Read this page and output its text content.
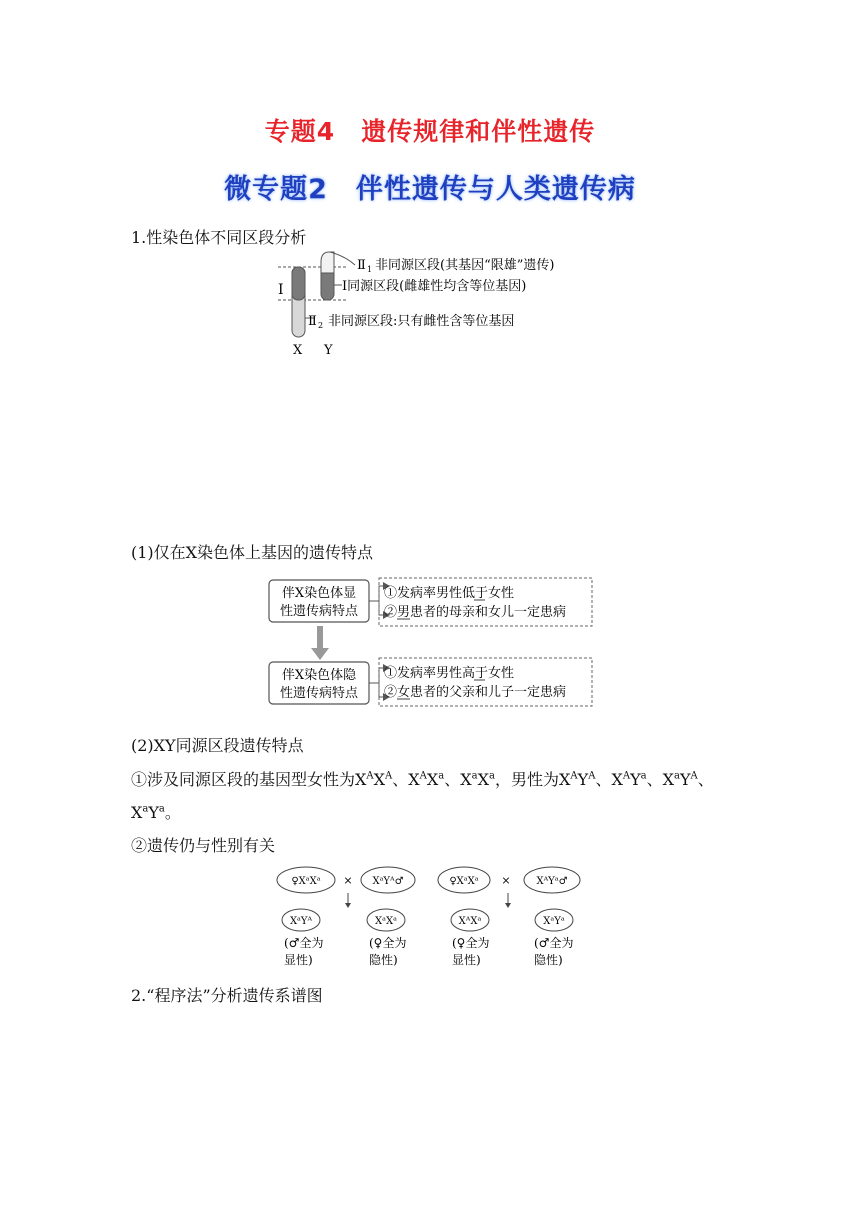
专题4　遗传规律和伴性遗传
微专题2　伴性遗传与人类遗传病
1.性染色体不同区段分析
Ⅰ
Ⅱ 1 非同源区段(其基因“限雄”遗传)
Ⅰ同源区段(雌雄性均含等位基因)
Ⅱ 2 非同源区段:只有雌性含等位基因
X Y
(1)仅在X染色体上基因的遗传特点
伴X染色体显
性遗传病特点
①发病率男性低于女性
②男患者的母亲和女儿一定患病
伴X染色体隐
性遗传病特点
①发病率男性高于女性
②女患者的父亲和儿子一定患病
(2)XY同源区段遗传特点
①涉及同源区段的基因型女性为$X^AX^A$、$X^AX^a$、$X^aX^a$，男性为$X^AY^A$、$X^AY^a$、$X^aY^A$、
$X^aY^a$。
②遗传仍与性别有关
♀XᵃXᵃ × XᵃYᴬ♂
XᵃYᴬ	XᵃXᵃ
(♂全为
显性)
(♀全为
隐性)
♀XᵃXᵃ ×	XᴬYᵃ♂
XᴬXᵃ	XᵃYᵃ
(♀全为
显性)
(♂全为
隐性)
2.“程序法”分析遗传系谱图
